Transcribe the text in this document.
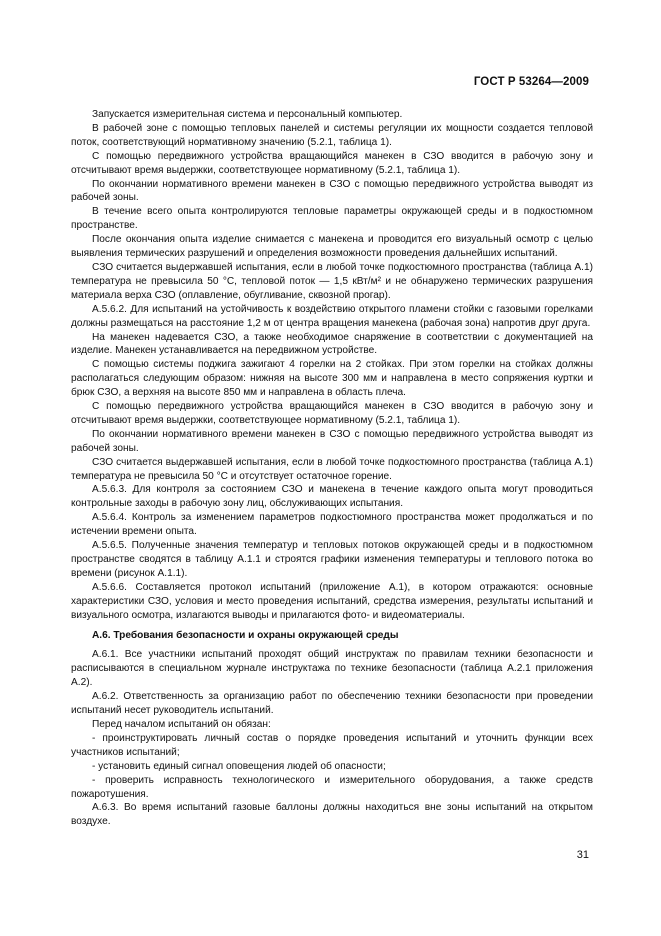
ГОСТ Р 53264—2009

Запускается измерительная система и персональный компьютер.

В рабочей зоне с помощью тепловых панелей и системы регуляции их мощности создается тепловой поток, соответствующий нормативному значению (5.2.1, таблица 1).

С помощью передвижного устройства вращающийся манекен в СЗО вводится в рабочую зону и отсчитывают время выдержки, соответствующее нормативному (5.2.1, таблица 1).

По окончании нормативного времени манекен в СЗО с помощью передвижного устройства выводят из рабочей зоны.

В течение всего опыта контролируются тепловые параметры окружающей среды и в подкостюмном пространстве.

После окончания опыта изделие снимается с манекена и проводится его визуальный осмотр с целью выявления термических разрушений и определения возможности проведения дальнейших испытаний.

СЗО считается выдержавшей испытания, если в любой точке подкостюмного пространства (таблица А.1) температура не превысила 50 °С, тепловой поток — 1,5 кВт/м² и не обнаружено термических разрушения материала верха СЗО (оплавление, обугливание, сквозной прогар).

А.5.6.2. Для испытаний на устойчивость к воздействию открытого пламени стойки с газовыми горелками должны размещаться на расстояние 1,2 м от центра вращения манекена (рабочая зона) напротив друг друга.

На манекен надевается СЗО, а также необходимое снаряжение в соответствии с документацией на изделие. Манекен устанавливается на передвижном устройстве.

С помощью системы поджига зажигают 4 горелки на 2 стойках. При этом горелки на стойках должны располагаться следующим образом: нижняя на высоте 300 мм и направлена в место сопряжения куртки и брюк СЗО, а верхняя на высоте 850 мм и направлена в область плеча.

С помощью передвижного устройства вращающийся манекен в СЗО вводится в рабочую зону и отсчитывают время выдержки, соответствующее нормативному (5.2.1, таблица 1).

По окончании нормативного времени манекен в СЗО с помощью передвижного устройства выводят из рабочей зоны.

СЗО считается выдержавшей испытания, если в любой точке подкостюмного пространства (таблица А.1) температура не превысила 50 °С и отсутствует остаточное горение.

А.5.6.3. Для контроля за состоянием СЗО и манекена в течение каждого опыта могут проводиться контрольные заходы в рабочую зону лиц, обслуживающих испытания.

А.5.6.4. Контроль за изменением параметров подкостюмного пространства может продолжаться и по истечении времени опыта.

А.5.6.5. Полученные значения температур и тепловых потоков окружающей среды и в подкостюмном пространстве сводятся в таблицу А.1.1 и строятся графики изменения температуры и теплового потока во времени (рисунок А.1.1).

А.5.6.6. Составляется протокол испытаний (приложение А.1), в котором отражаются: основные характеристики СЗО, условия и место проведения испытаний, средства измерения, результаты испытаний и визуального осмотра, излагаются выводы и прилагаются фото- и видеоматериалы.

А.6. Требования безопасности и охраны окружающей среды

А.6.1. Все участники испытаний проходят общий инструктаж по правилам техники безопасности и расписываются в специальном журнале инструктажа по технике безопасности (таблица А.2.1 приложения А.2).

А.6.2. Ответственность за организацию работ по обеспечению техники безопасности при проведении испытаний несет руководитель испытаний.

Перед началом испытаний он обязан:

- проинструктировать личный состав о порядке проведения испытаний и уточнить функции всех участников испытаний;

- установить единый сигнал оповещения людей об опасности;

- проверить исправность технологического и измерительного оборудования, а также средств пожаротушения.

А.6.3. Во время испытаний газовые баллоны должны находиться вне зоны испытаний на открытом воздухе.

31
